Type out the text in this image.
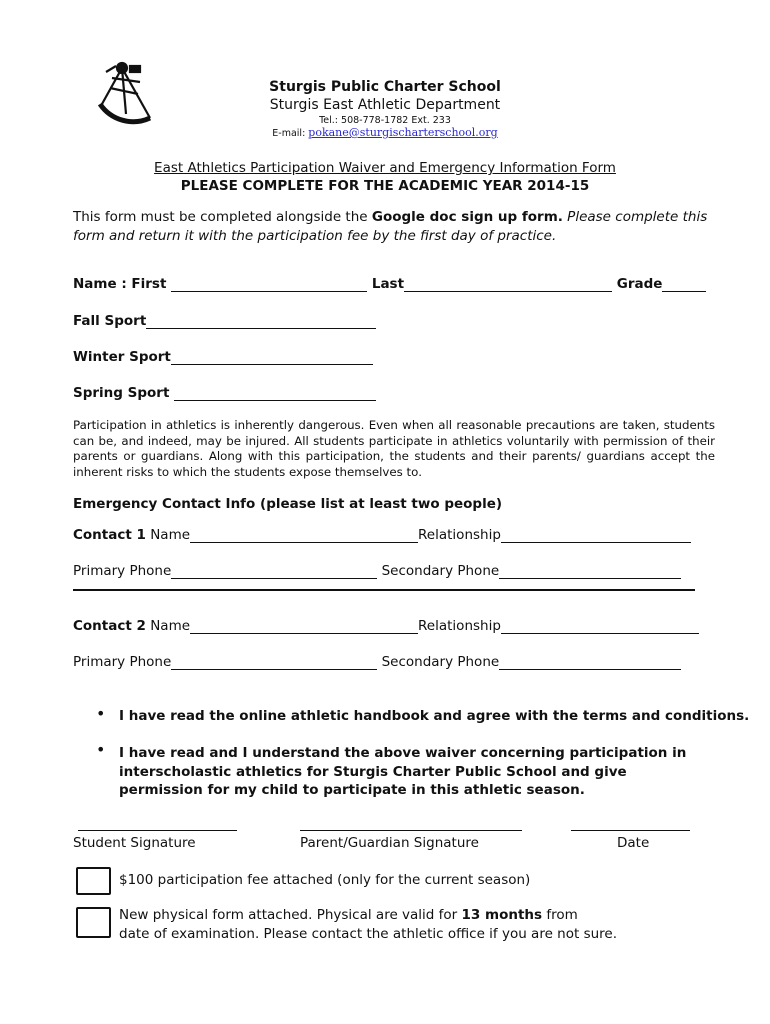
Sturgis Public Charter School
Sturgis East Athletic Department
Tel.: 508-778-1782 Ext. 233
E-mail: pokane@sturgischarterschool.org
East Athletics Participation Waiver and Emergency Information Form
PLEASE COMPLETE FOR THE ACADEMIC YEAR 2014-15
This form must be completed alongside the Google doc sign up form. Please complete this form and return it with the participation fee by the first day of practice.
Name : First	Last	Grade
Fall Sport
Winter Sport
Spring Sport
Participation in athletics is inherently dangerous. Even when all reasonable precautions are taken, students can be, and indeed, may be injured. All students participate in athletics voluntarily with permission of their parents or guardians. Along with this participation, the students and their parents/ guardians accept the inherent risks to which the students expose themselves to.
Emergency Contact Info (please list at least two people)
Contact 1 Name	Relationship
Primary Phone	Secondary Phone
Contact 2 Name	Relationship
Primary Phone	Secondary Phone
• I have read the online athletic handbook and agree with the terms and conditions.
• I have read and I understand the above waiver concerning participation in interscholastic athletics for Sturgis Charter Public School and give permission for my child to participate in this athletic season.
Student Signature	Parent/Guardian Signature	Date
$100 participation fee attached (only for the current season)
New physical form attached. Physical are valid for 13 months from
date of examination. Please contact the athletic office if you are not sure.
